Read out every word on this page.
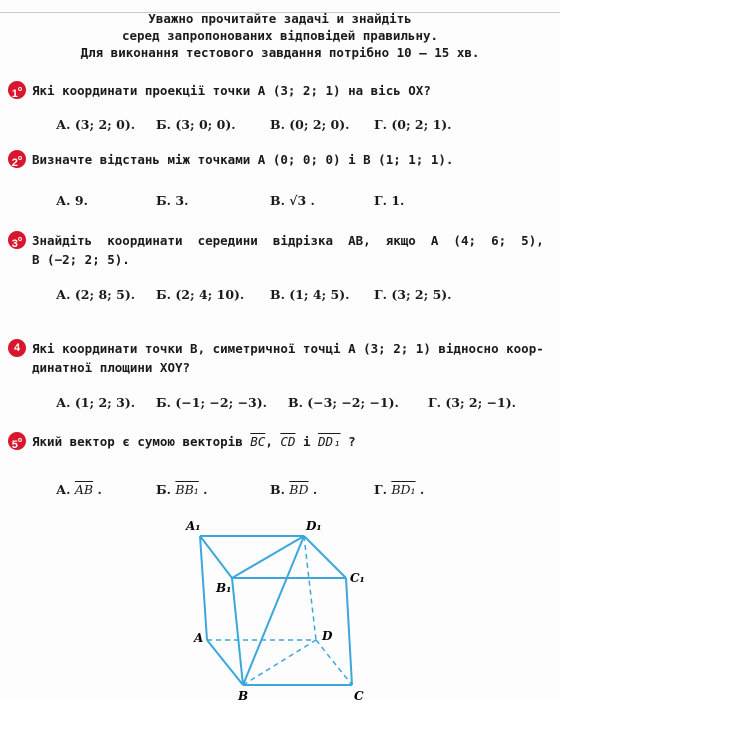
Уважно прочитайте задачі и знайдіть
серед запропонованих відповідей правильну.
Для виконання тестового завдання потрібно 10 – 15 хв.
$1^о$ Які координати проекції точки A (3; 2; 1) на вісь OX?
А. (3; 2; 0). Б. (3; 0; 0).	В. (0; 2; 0). Г. (0; 2; 1).
$2^о$ Визначте відстань між точками A (0; 0; 0) і B (1; 1; 1).
А. 9.	Б. 3.	В. √3 .	Г. 1.
$3^о$ Знайдіть  координати  середини  відрізка  AB,  якщо  A  (4;  6;  5),
B (−2; 2; 5).
А. (2; 8; 5). Б. (2; 4; 10). В. (1; 4; 5). Г. (3; 2; 5).
4 Які координати точки B, симетричної точці A (3; 2; 1) відносно коор-
динатної площини XOY?
А. (1; 2; 3). Б. (−1; −2; −3). В. (−3; −2; −1). Г. (3; 2; −1).
$5^о$ Який вектор є сумою векторів $\overline{BC}$, $\overline{CD}$ і DD₁ ?
А. $\overline{AB}$ .	Б. BB₁ .	В. $\overline{BD}$ .	Г. BD₁ .
A₁	D₁
B₁
C₁
A	D
B	C
